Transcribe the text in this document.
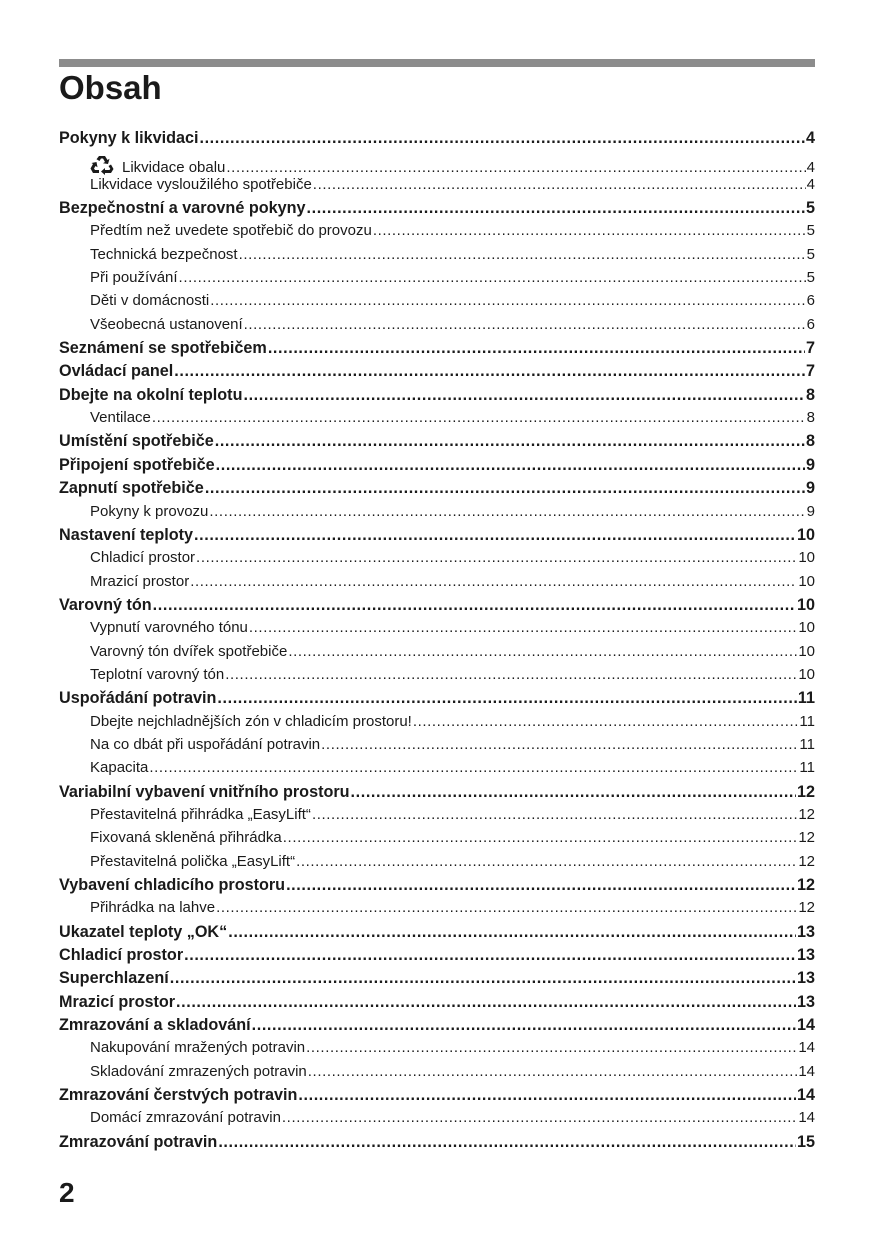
Obsah
Pokyny k likvidaci .....	4
Likvidace obalu .....	4
Likvidace vysloužilého spotřebiče .....	4
Bezpečnostní a varovné pokyny .....	5
Předtím než uvedete spotřebič do provozu .....	5
Technická bezpečnost .....	5
Při používání .....	5
Děti v domácnosti .....	6
Všeobecná ustanovení .....	6
Seznámení se spotřebičem .....	7
Ovládací panel .....	7
Dbejte na okolní teplotu .....	8
Ventilace .....	8
Umístění spotřebiče .....	8
Připojení spotřebiče .....	9
Zapnutí spotřebiče .....	9
Pokyny k provozu .....	9
Nastavení teploty .....	10
Chladicí prostor .....	10
Mrazicí prostor .....	10
Varovný tón .....	10
Vypnutí varovného tónu .....	10
Varovný tón dvířek spotřebiče .....	10
Teplotní varovný tón .....	10
Uspořádání potravin .....	11
Dbejte nejchladnějších zón v chladicím prostoru! .....	11
Na co dbát při uspořádání potravin .....	11
Kapacita .....	11
Variabilní vybavení vnitřního prostoru .....	12
Přestavitelná přihrádka „EasyLift“ .....	12
Fixovaná skleněná přihrádka .....	12
Přestavitelná polička „EasyLift“ .....	12
Vybavení chladicího prostoru .....	12
Přihrádka na lahve .....	12
Ukazatel teploty „OK“ .....	13
Chladicí prostor .....	13
Superchlazení .....	13
Mrazicí prostor .....	13
Zmrazování a skladování .....	14
Nakupování mražených potravin .....	14
Skladování zmrazených potravin .....	14
Zmrazování čerstvých potravin .....	14
Domácí zmrazování potravin .....	14
Zmrazování potravin .....	15
2
